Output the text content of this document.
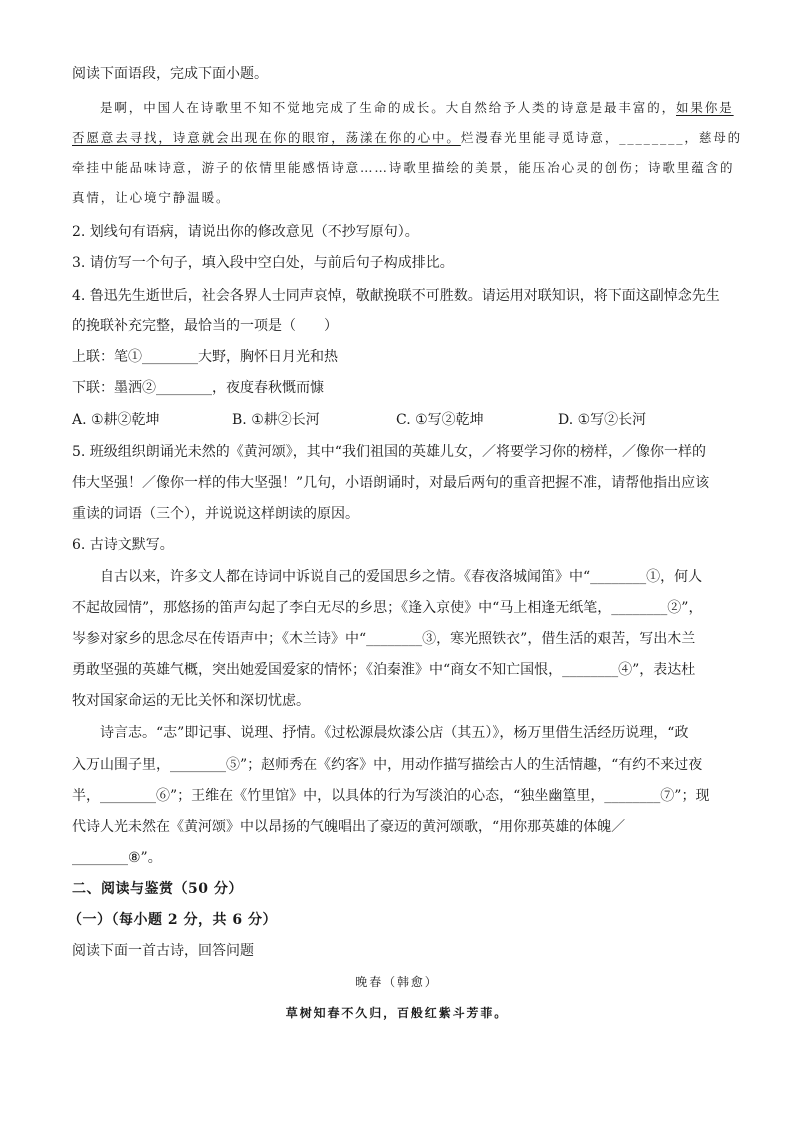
阅读下面语段，完成下面小题。
是啊，中国人在诗歌里不知不觉地完成了生命的成长。大自然给予人类的诗意是最丰富的，如果你是
否愿意去寻找，诗意就会出现在你的眼帘，荡漾在你的心中。烂漫春光里能寻觅诗意，________，慈母的
牵挂中能品味诗意，游子的依情里能感悟诗意……诗歌里描绘的美景，能压冶心灵的创伤；诗歌里蕴含的
真情，让心境宁静温暖。
2. 划线句有语病，请说出你的修改意见（不抄写原句）。
3. 请仿写一个句子，填入段中空白处，与前后句子构成排比。
4. 鲁迅先生逝世后，社会各界人士同声哀悼，敬献挽联不可胜数。请运用对联知识，将下面这副悼念先生
的挽联补充完整，最恰当的一项是（　　）
上联：笔①________大野，胸怀日月光和热
下联：墨洒②________，夜度春秋慨而慷
A. ①耕②乾坤	B. ①耕②长河	C. ①写②乾坤	D. ①写②长河
5. 班级组织朗诵光未然的《黄河颂》，其中“我们祖国的英雄儿女，／将要学习你的榜样，／像你一样的
伟大坚强！／像你一样的伟大坚强！”几句，小语朗诵时，对最后两句的重音把握不准，请帮他指出应该
重读的词语（三个），并说说这样朗读的原因。
6. 古诗文默写。
自古以来，许多文人都在诗词中诉说自己的爱国思乡之情。《春夜洛城闻笛》中“________①，何人
不起故园情”，那悠扬的笛声勾起了李白无尽的乡思；《逢入京使》中“马上相逢无纸笔，________②”，
岑参对家乡的思念尽在传语声中；《木兰诗》中“________③，寒光照铁衣”，借生活的艰苦，写出木兰
勇敢坚强的英雄气概，突出她爱国爱家的情怀；《泊秦淮》中“商女不知亡国恨，________④”，表达杜
牧对国家命运的无比关怀和深切忧虑。
诗言志。“志”即记事、说理、抒情。《过松源晨炊漆公店（其五）》，杨万里借生活经历说理，“政
入万山围子里，________⑤”；赵师秀在《约客》中，用动作描写描绘古人的生活情趣，“有约不来过夜
半，________⑥”；王维在《竹里馆》中，以具体的行为写淡泊的心态，“独坐幽篁里，________⑦”；现
代诗人光未然在《黄河颂》中以昂扬的气魄唱出了豪迈的黄河颂歌，“用你那英雄的体魄／
________⑧”。
二、阅读与鉴赏（50 分）
（一）（每小题 2 分，共 6 分）
阅读下面一首古诗，回答问题
晚春（韩愈）
草树知春不久归，百般红紫斗芳菲。
